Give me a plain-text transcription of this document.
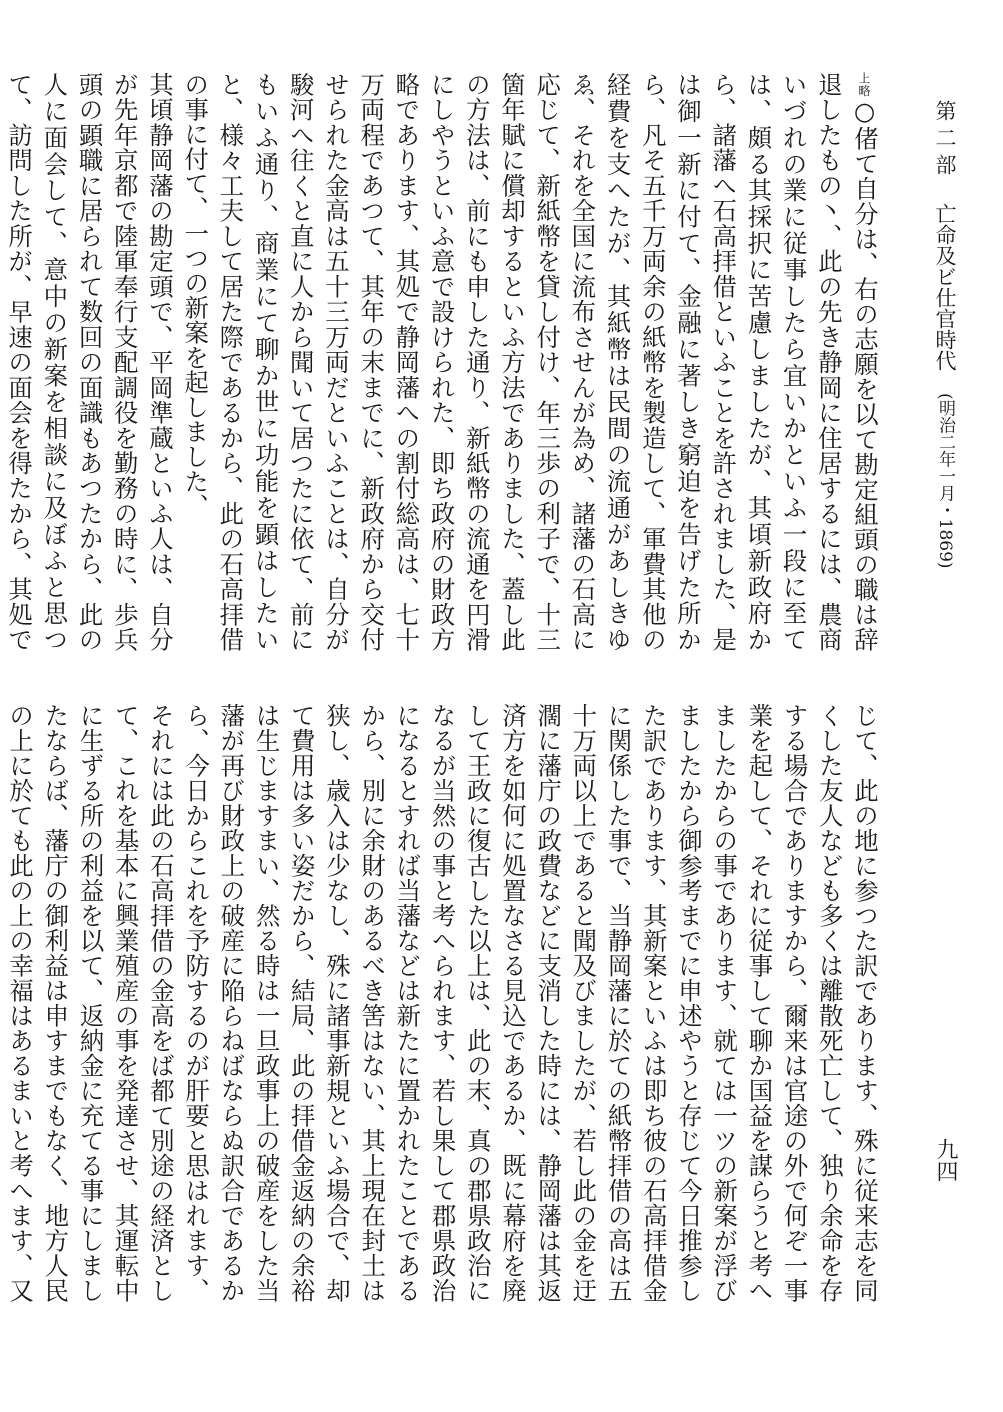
第二部亡命及ビ仕官時代(明治二年一月・1869)
九四

上略○偖て自分は、右の志願を以て勘定組頭の職は辞退したもの丶、此の先き静岡に住居するには、農商いづれの業に従事したら宜いかといふ一段に至ては、頗る其採択に苦慮しましたが、其頃新政府から、諸藩へ石高拝借といふことを許されました、是は御一新に付て、金融に著しき窮迫を告げた所から、凡そ五千万両余の紙幣を製造して、軍費其他の経費を支へたが、其紙幣は民間の流通があしきゆゑ、それを全国に流布させんが為め、諸藩の石高に応じて、新紙幣を貸し付け、年三歩の利子で、十三箇年賦に償却するといふ方法でありました、蓋し此の方法は、前にも申した通り、新紙幣の流通を円滑にしやうといふ意で設けられた、即ち政府の財政方略であります、其処で静岡藩への割付総高は、七十万両程であつて、其年の末までに、新政府から交付せられた金高は五十三万両だといふことは、自分が駿河へ往くと直に人から聞いて居つたに依て、前にもいふ通り、商業にて聊か世に功能を顕はしたいと、様々工夫して居た際であるから、此の石高拝借の事に付て、一つの新案を起しました、

其頃静岡藩の勘定頭で、平岡準蔵といふ人は、自分が先年京都で陸軍奉行支配調役を勤務の時に、歩兵頭の顕職に居られて数回の面識もあつたから、此の人に面会して、意中の新案を相談に及ぼふと思つて、訪問した所が、早速の面会を得たから、其処で

じて、此の地に参つた訳であります、殊に従来志を同くした友人なども多くは離散死亡して、独り余命を存する場合でありますから、爾来は官途の外で何ぞ一事業を起して、それに従事して聊か国益を謀らうと考へましたからの事であります、就ては一ツの新案が浮びましたから御参考までに申述やうと存じて今日推参した訳であります、其新案といふは即ち彼の石高拝借金に関係した事で、当静岡藩に於ての紙幣拝借の高は五十万両以上であると聞及びましたが、若し此の金を迂濶に藩庁の政費などに支消した時には、静岡藩は其返済方を如何に処置なさる見込であるか、既に幕府を廃して王政に復古した以上は、此の末、真の郡県政治になるが当然の事と考へられます、若し果して郡県政治になるとすれば当藩などは新たに置かれたことであるから、別に余財のあるべき筈はない、其上現在封土は狭し、歳入は少なし、殊に諸事新規といふ場合で、却て費用は多い姿だから、結局、此の拝借金返納の余裕は生じますまい、然る時は一旦政事上の破産をした当藩が再び財政上の破産に陥らねばならぬ訳合であるから、今日からこれを予防するのが肝要と思はれます、それには此の石高拝借の金高をば都て別途の経済として、これを基本に興業殖産の事を発達させ、其運転中に生ずる所の利益を以て、返納金に充てる事にしましたならば、藩庁の御利益は申すまでもなく、地方人民の上に於ても此の上の幸福はあるまいと考へます、又
